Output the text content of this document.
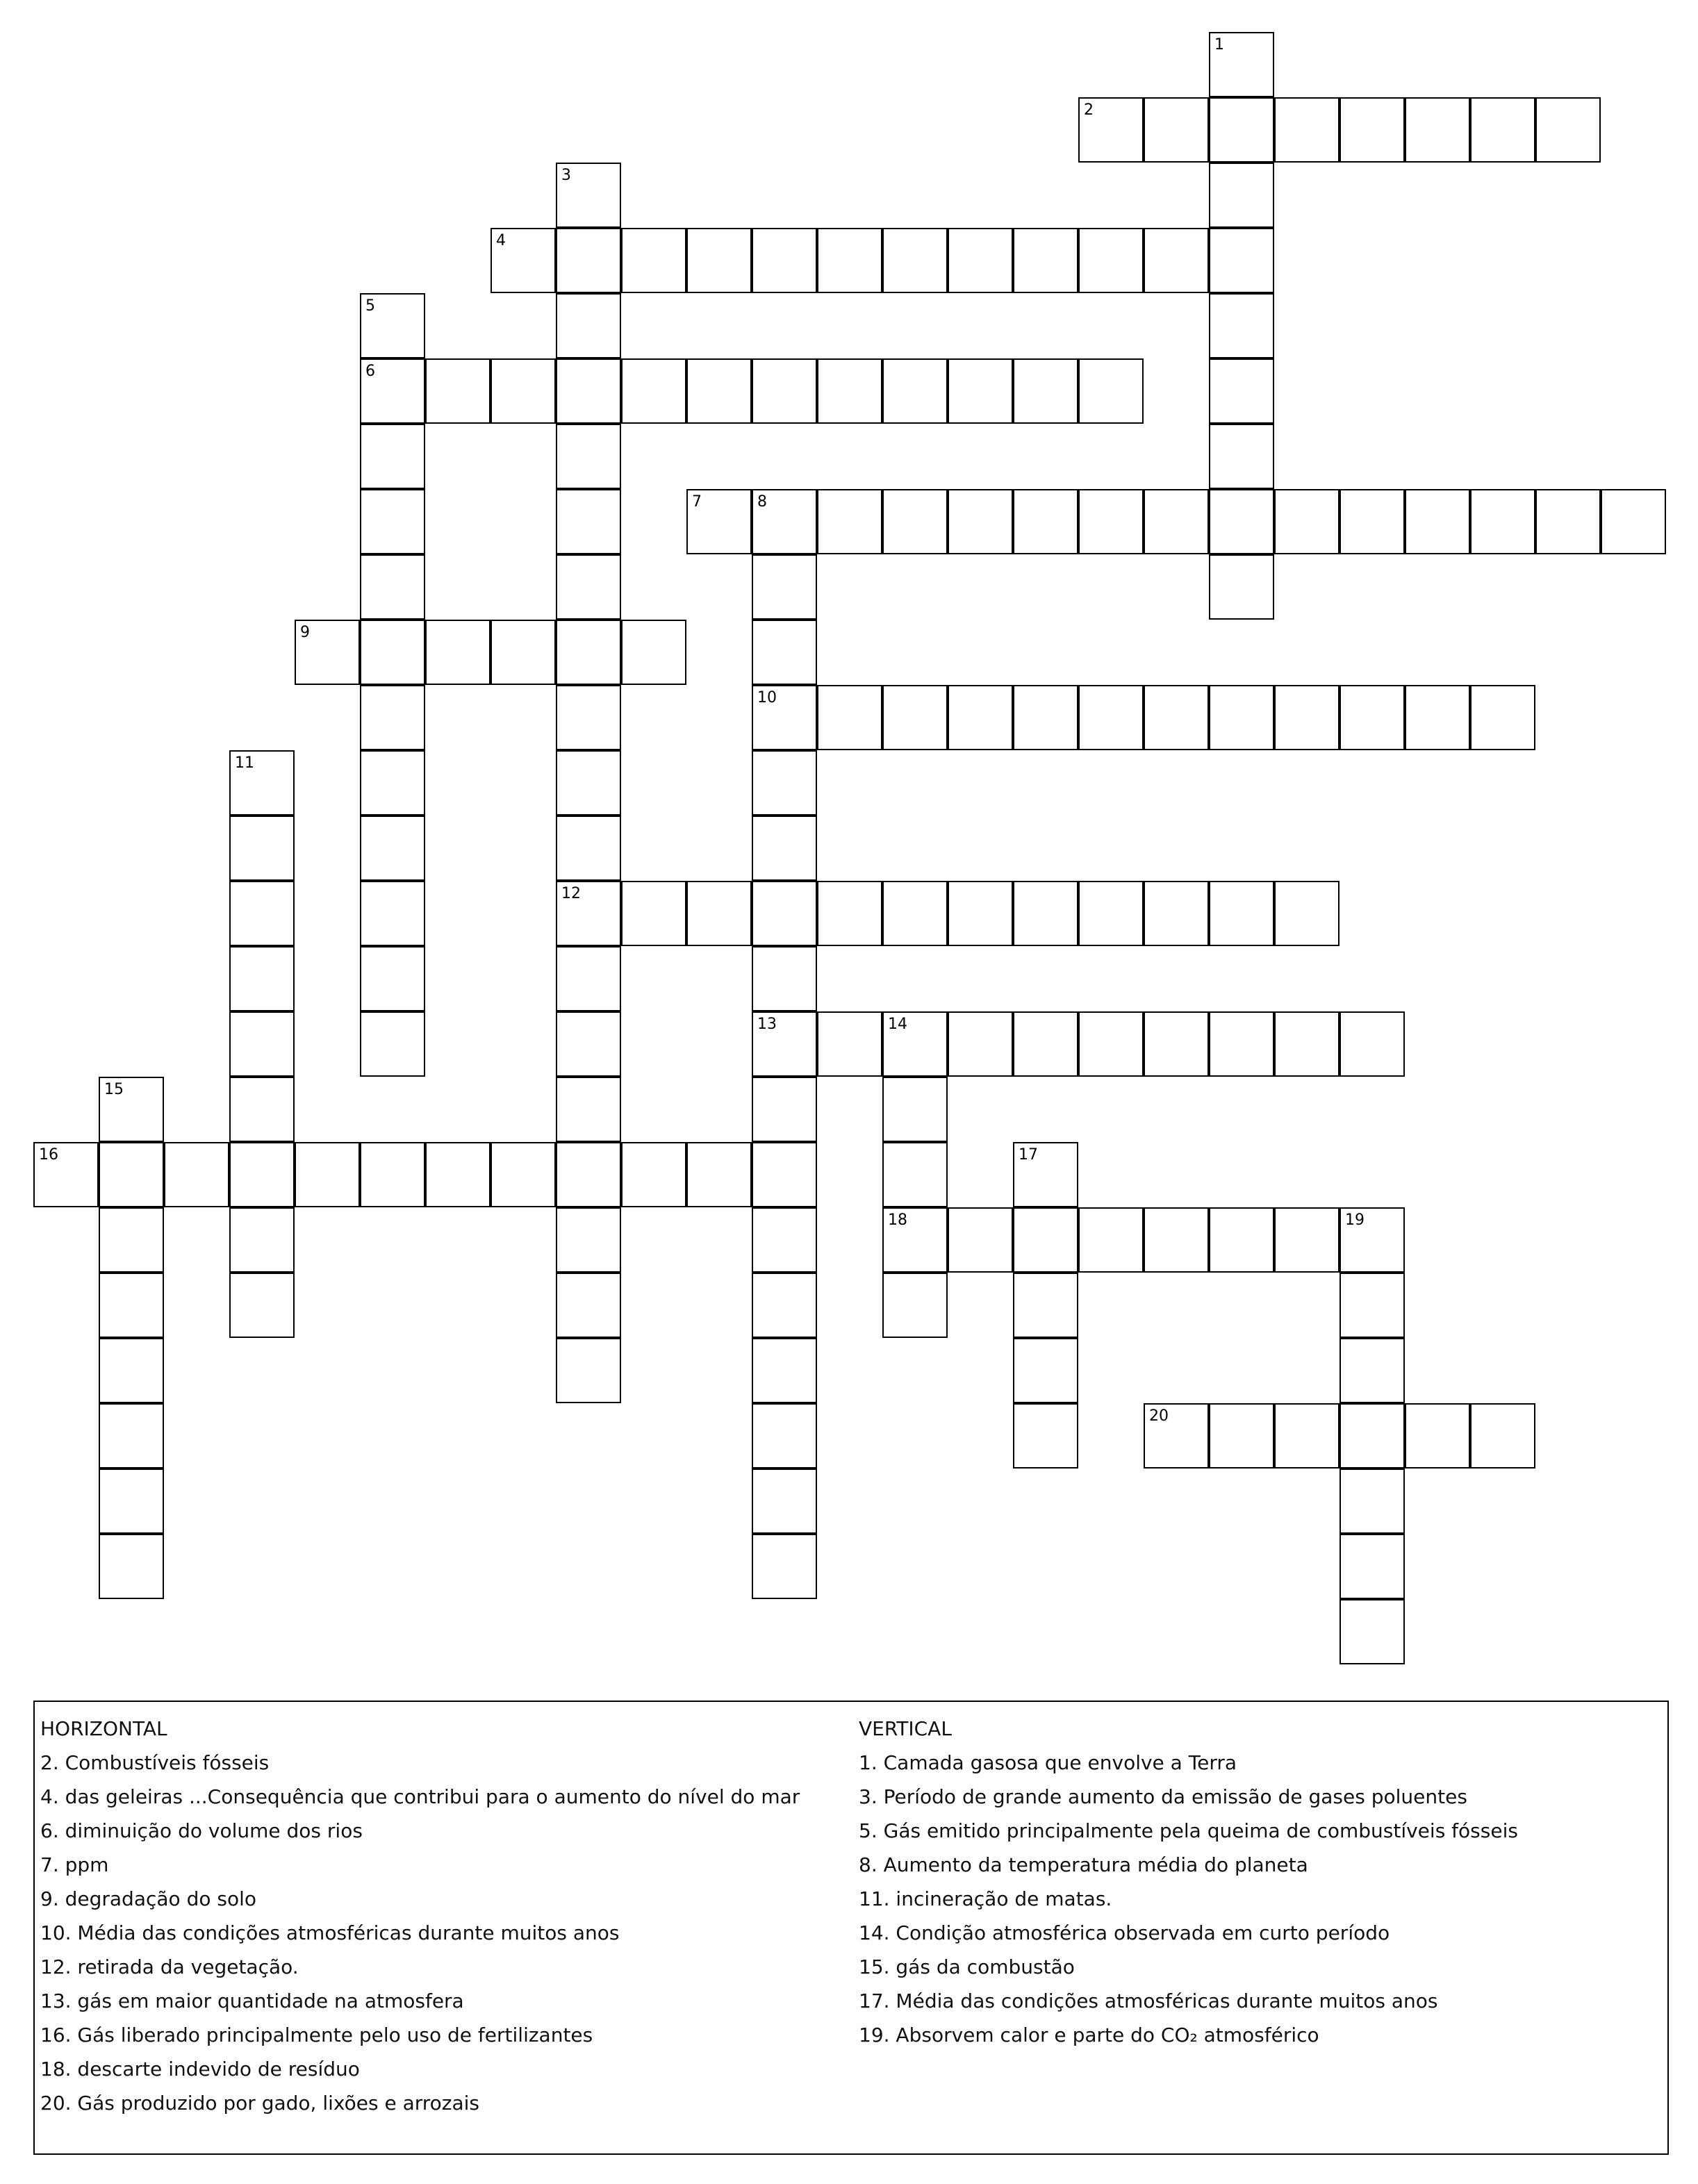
1
2
3
4
5
6
7	8
9
10
11
12
13	14
15
16	17
18	19
20
HORIZONTAL
2. Combustíveis fósseis
4. das geleiras ...Consequência que contribui para o aumento do nível do mar
6. diminuição do volume dos rios
7. ppm
9. degradação do solo
10. Média das condições atmosféricas durante muitos anos
12. retirada da vegetação.
13. gás em maior quantidade na atmosfera
16. Gás liberado principalmente pelo uso de fertilizantes
18. descarte indevido de resíduo
20. Gás produzido por gado, lixões e arrozais
VERTICAL
1. Camada gasosa que envolve a Terra
3. Período de grande aumento da emissão de gases poluentes
5. Gás emitido principalmente pela queima de combustíveis fósseis
8. Aumento da temperatura média do planeta
11. incineração de matas.
14. Condição atmosférica observada em curto período
15. gás da combustão
17. Média das condições atmosféricas durante muitos anos
19. Absorvem calor e parte do CO₂ atmosférico
